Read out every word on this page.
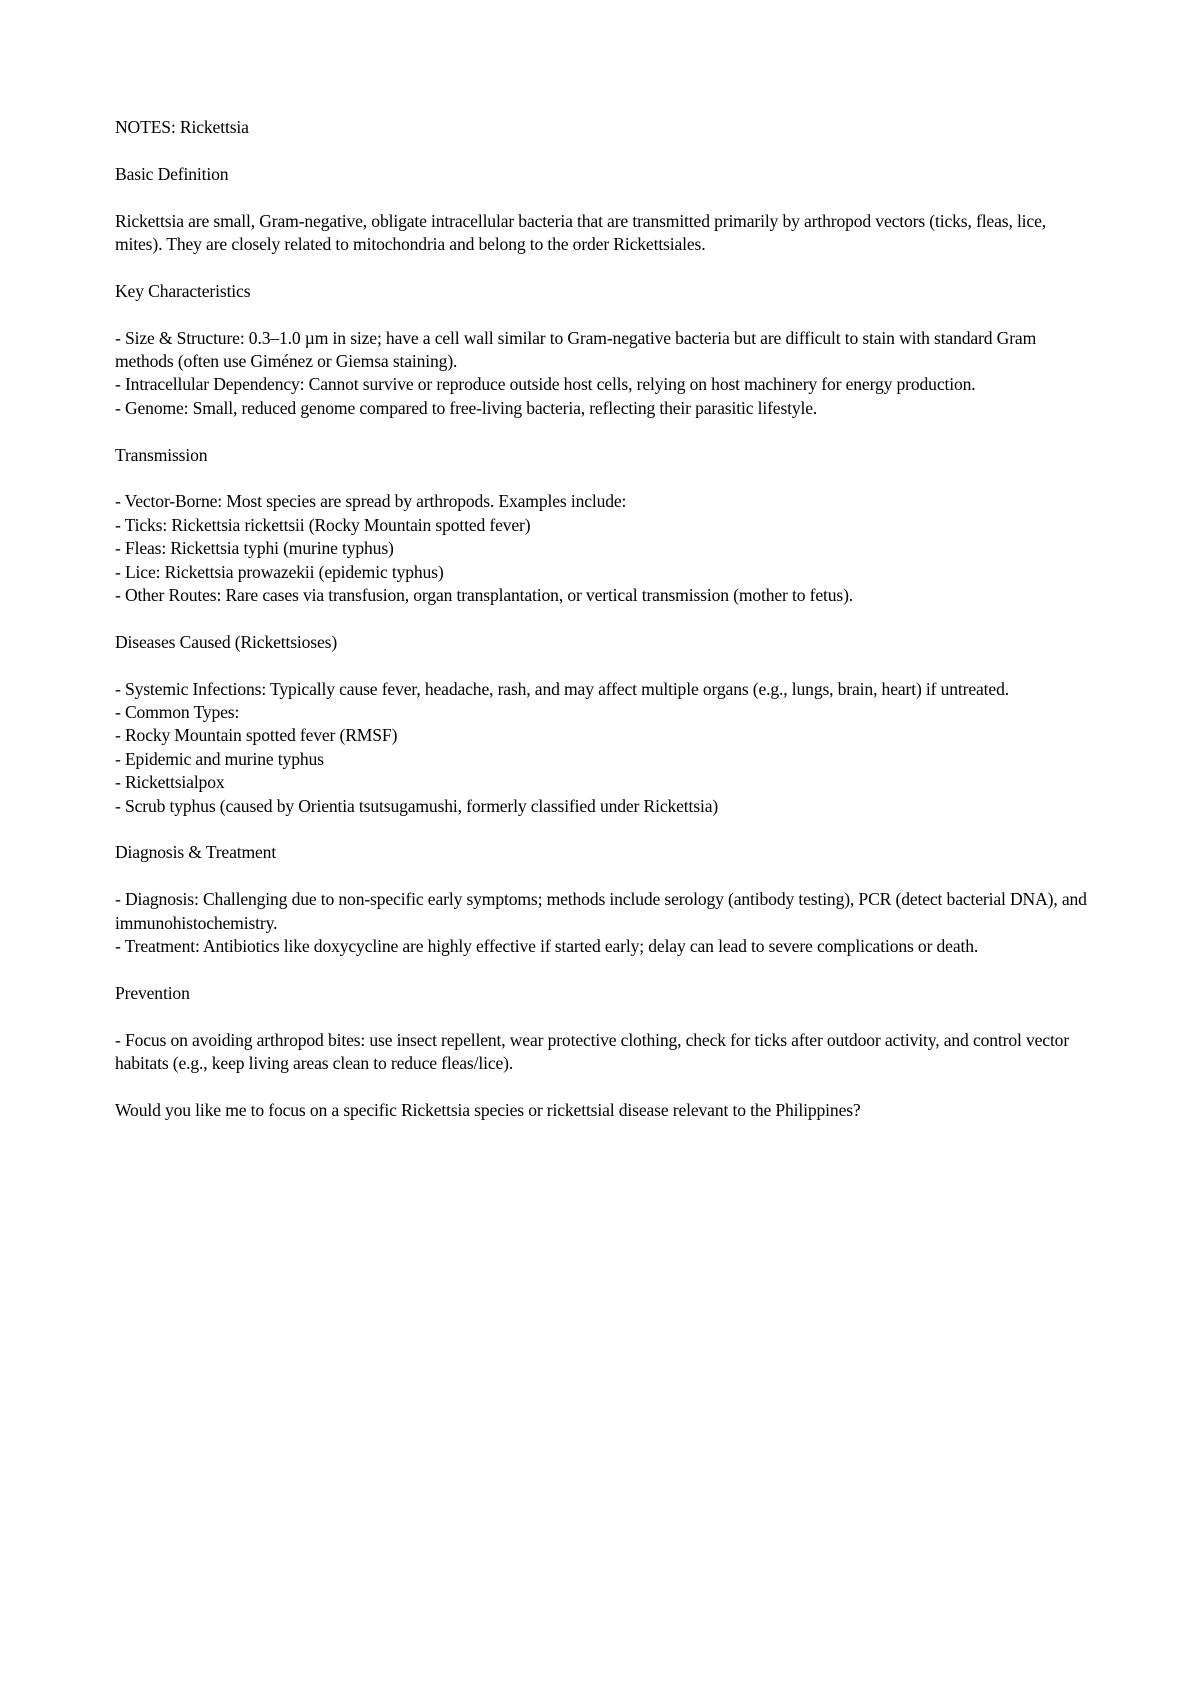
NOTES: Rickettsia

Basic Definition

Rickettsia are small, Gram-negative, obligate intracellular bacteria that are transmitted primarily by arthropod vectors (ticks, fleas, lice, mites). They are closely related to mitochondria and belong to the order Rickettsiales.

Key Characteristics

- Size & Structure: 0.3–1.0 µm in size; have a cell wall similar to Gram-negative bacteria but are difficult to stain with standard Gram methods (often use Giménez or Giemsa staining).
- Intracellular Dependency: Cannot survive or reproduce outside host cells, relying on host machinery for energy production.
- Genome: Small, reduced genome compared to free-living bacteria, reflecting their parasitic lifestyle.

Transmission

- Vector-Borne: Most species are spread by arthropods. Examples include:
- Ticks: Rickettsia rickettsii (Rocky Mountain spotted fever)
- Fleas: Rickettsia typhi (murine typhus)
- Lice: Rickettsia prowazekii (epidemic typhus)
- Other Routes: Rare cases via transfusion, organ transplantation, or vertical transmission (mother to fetus).

Diseases Caused (Rickettsioses)

- Systemic Infections: Typically cause fever, headache, rash, and may affect multiple organs (e.g., lungs, brain, heart) if untreated.
- Common Types:
- Rocky Mountain spotted fever (RMSF)
- Epidemic and murine typhus
- Rickettsialpox
- Scrub typhus (caused by Orientia tsutsugamushi, formerly classified under Rickettsia)

Diagnosis & Treatment

- Diagnosis: Challenging due to non-specific early symptoms; methods include serology (antibody testing), PCR (detect bacterial DNA), and immunohistochemistry.
- Treatment: Antibiotics like doxycycline are highly effective if started early; delay can lead to severe complications or death.

Prevention

- Focus on avoiding arthropod bites: use insect repellent, wear protective clothing, check for ticks after outdoor activity, and control vector habitats (e.g., keep living areas clean to reduce fleas/lice).

Would you like me to focus on a specific Rickettsia species or rickettsial disease relevant to the Philippines?
